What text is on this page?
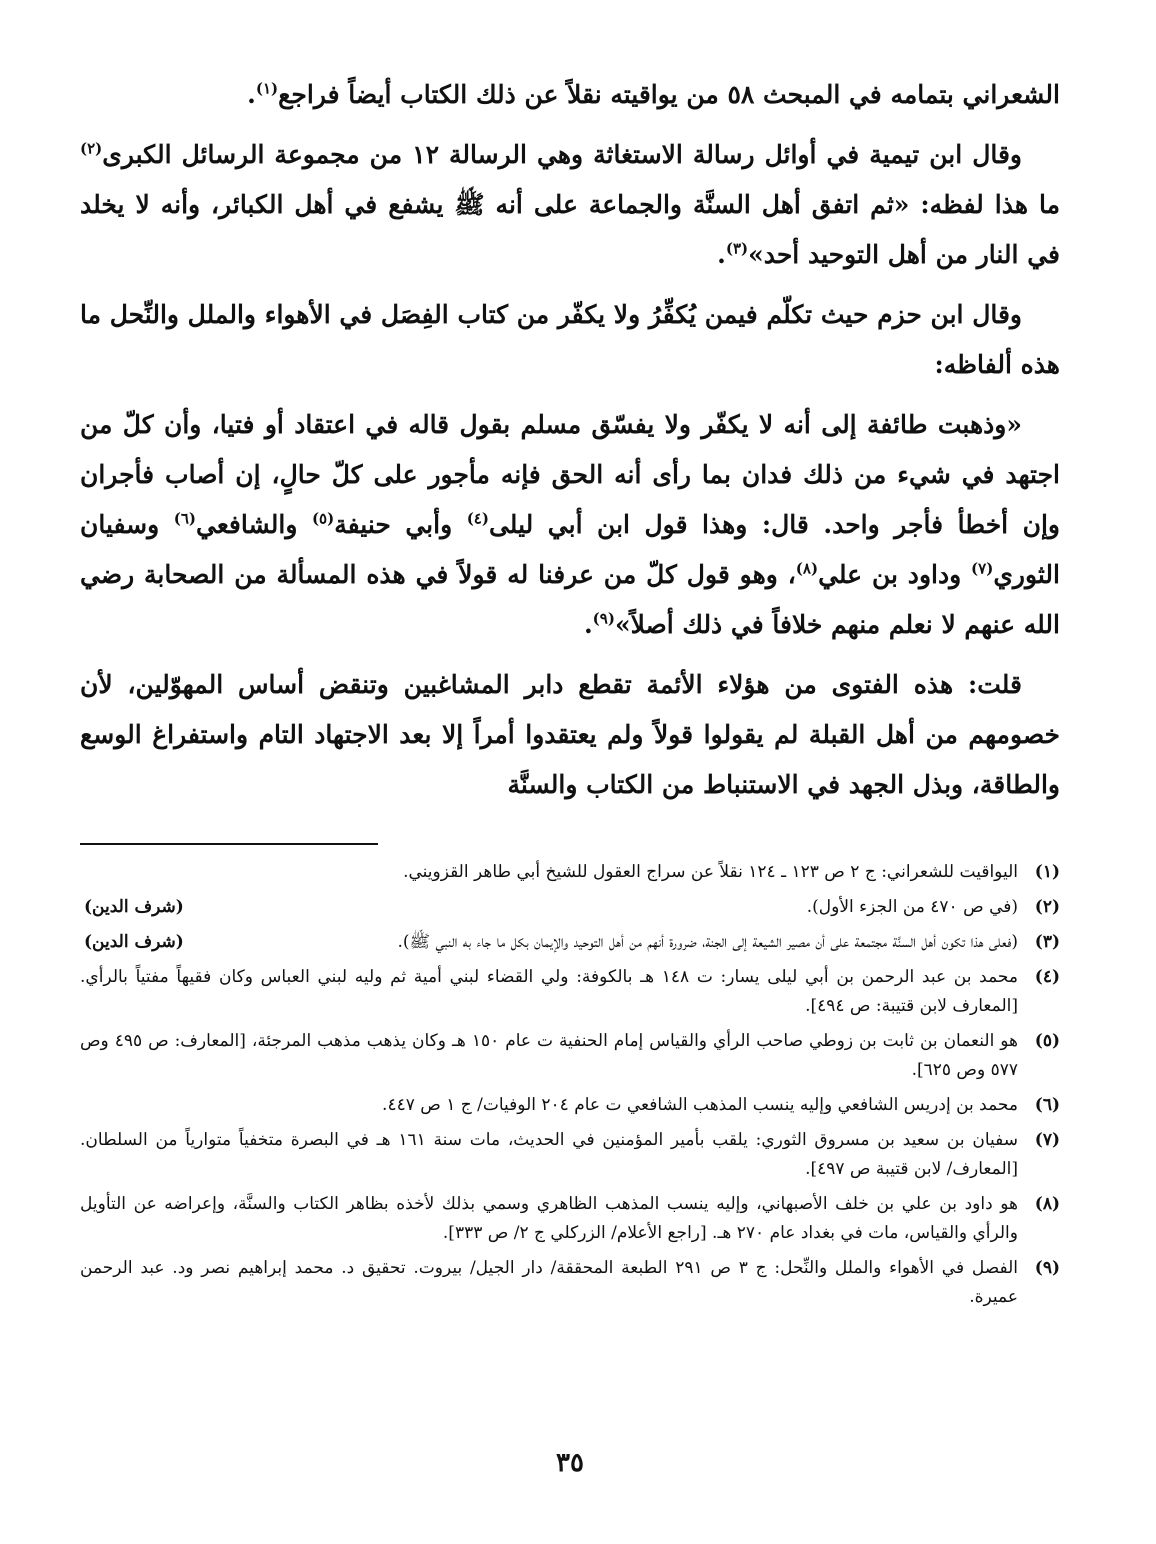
الشعراني بتمامه في المبحث ٥٨ من يواقيته نقلاً عن ذلك الكتاب أيضاً فراجع$^{(١)}$.

وقال ابن تيمية في أوائل رسالة الاستغاثة وهي الرسالة ١٢ من مجموعة الرسائل الكبرى$^{(٢)}$ ما هذا لفظه: «ثم اتفق أهل السنَّة والجماعة على أنه ﷺ يشفع في أهل الكبائر، وأنه لا يخلد في النار من أهل التوحيد أحد»$^{(٣)}$.

وقال ابن حزم حيث تكلّم فيمن يُكفِّرُ ولا يكفّر من كتاب الفِصَل في الأهواء والملل والنِّحل ما هذه ألفاظه:

«وذهبت طائفة إلى أنه لا يكفّر ولا يفسّق مسلم بقول قاله في اعتقاد أو فتيا، وأن كلّ من اجتهد في شيء من ذلك فدان بما رأى أنه الحق فإنه مأجور على كلّ حالٍ، إن أصاب فأجران وإن أخطأ فأجر واحد. قال: وهذا قول ابن أبي ليلى$^{(٤)}$ وأبي حنيفة$^{(٥)}$ والشافعي$^{(٦)}$ وسفيان الثوري$^{(٧)}$ وداود بن علي$^{(٨)}$، وهو قول كلّ من عرفنا له قولاً في هذه المسألة من الصحابة رضي الله عنهم لا نعلم منهم خلافاً في ذلك أصلاً»$^{(٩)}$.

قلت: هذه الفتوى من هؤلاء الأئمة تقطع دابر المشاغبين وتنقض أساس المهوّلين، لأن خصومهم من أهل القبلة لم يقولوا قولاً ولم يعتقدوا أمراً إلا بعد الاجتهاد التام واستفراغ الوسع والطاقة، وبذل الجهد في الاستنباط من الكتاب والسنَّة

(١)
اليواقيت للشعراني: ج ٢ ص ١٢٣ ـ ١٢٤ نقلاً عن سراج العقول للشيخ أبي طاهر القزويني.
(٢)
(شرف الدين)	(في ص ٤٧٠ من الجزء الأول).
(٣)
(فعلى هذا تكون أهل السنَّة مجتمعة على أن مصير الشيعة إلى الجنة، ضرورة أنهم من أهل التوحيد والإيمان بكل ما جاء به النبي ﷺ).
(شرف الدين)
(٤)
محمد بن عبد الرحمن بن أبي ليلى يسار: ت ١٤٨ هـ بالكوفة: ولي القضاء لبني أمية ثم وليه لبني العباس وكان فقيهاً مفتياً بالرأي. [المعارف لابن قتيبة: ص ٤٩٤].
(٥)
هو النعمان بن ثابت بن زوطي صاحب الرأي والقياس إمام الحنفية ت عام ١٥٠ هـ وكان يذهب مذهب المرجئة، [المعارف: ص ٤٩٥ وص ٥٧٧ وص ٦٢٥].
(٦)
محمد بن إدريس الشافعي وإليه ينسب المذهب الشافعي ت عام ٢٠٤ الوفيات/ ج ١ ص ٤٤٧.
(٧)
سفيان بن سعيد بن مسروق الثوري: يلقب بأمير المؤمنين في الحديث، مات سنة ١٦١ هـ في البصرة متخفياً متوارياً من السلطان. [المعارف/ لابن قتيبة ص ٤٩٧].
(٨)
هو داود بن علي بن خلف الأصبهاني، وإليه ينسب المذهب الظاهري وسمي بذلك لأخذه بظاهر الكتاب والسنَّة، وإعراضه عن التأويل والرأي والقياس، مات في بغداد عام ٢٧٠ هـ. [راجع الأعلام/ الزركلي ج ٢/ ص ٣٣٣].
(٩)
الفصل في الأهواء والملل والنِّحل: ج ٣ ص ٢٩١ الطبعة المحققة/ دار الجيل/ بيروت. تحقيق د. محمد إبراهيم نصر ود. عبد الرحمن عميرة.
٣٥
